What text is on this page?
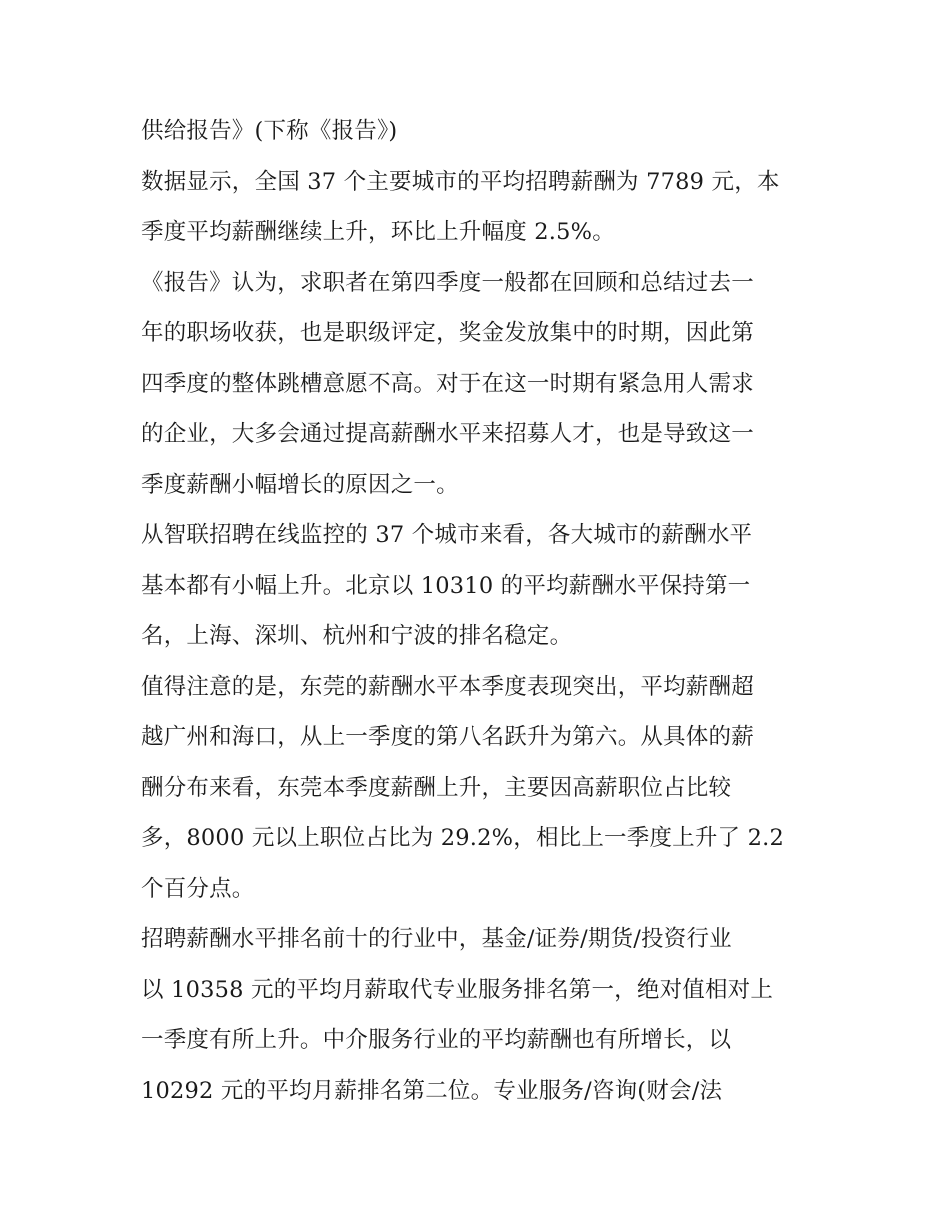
供给报告》(下称《报告》)
数据显示，全国 37 个主要城市的平均招聘薪酬为 7789 元，本
季度平均薪酬继续上升，环比上升幅度 2.5%。
《报告》认为，求职者在第四季度一般都在回顾和总结过去一
年的职场收获，也是职级评定，奖金发放集中的时期，因此第
四季度的整体跳槽意愿不高。对于在这一时期有紧急用人需求
的企业，大多会通过提高薪酬水平来招募人才，也是导致这一
季度薪酬小幅增长的原因之一。
从智联招聘在线监控的 37 个城市来看，各大城市的薪酬水平
基本都有小幅上升。北京以 10310 的平均薪酬水平保持第一
名，上海、深圳、杭州和宁波的排名稳定。
值得注意的是，东莞的薪酬水平本季度表现突出，平均薪酬超
越广州和海口，从上一季度的第八名跃升为第六。从具体的薪
酬分布来看，东莞本季度薪酬上升，主要因高薪职位占比较
多，8000 元以上职位占比为 29.2%，相比上一季度上升了 2.2
个百分点。
招聘薪酬水平排名前十的行业中，基金/证券/期货/投资行业
以 10358 元的平均月薪取代专业服务排名第一，绝对值相对上
一季度有所上升。中介服务行业的平均薪酬也有所增长，以
10292 元的平均月薪排名第二位。专业服务/咨询(财会/法
